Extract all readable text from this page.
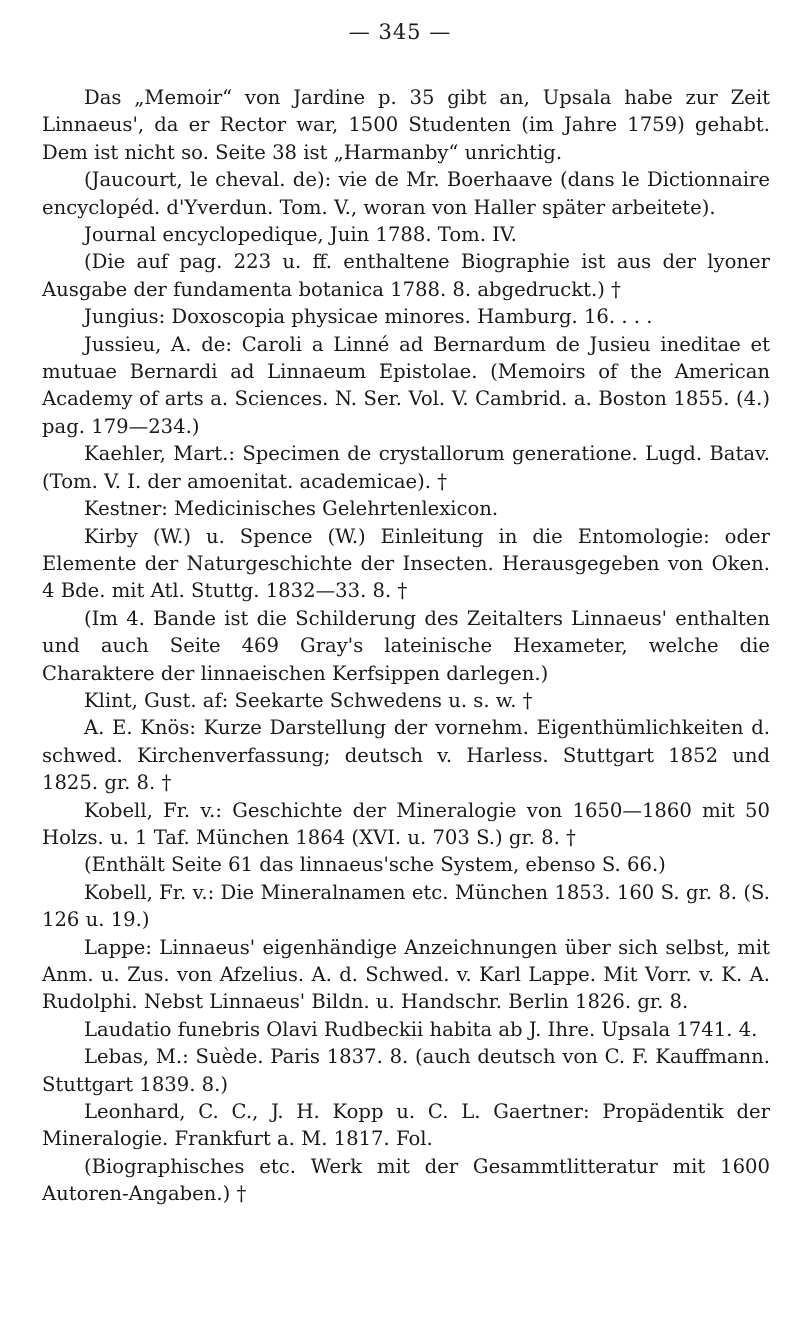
— 345 —

Das „Memoir“ von Jardine p. 35 gibt an, Upsala habe zur Zeit Linnaeus', da er Rector war, 1500 Studenten (im Jahre 1759) gehabt. Dem ist nicht so. Seite 38 ist „Harmanby“ unrichtig.

(Jaucourt, le cheval. de): vie de Mr. Boerhaave (dans le Dictionnaire encyclopéd. d'Yverdun. Tom. V., woran von Haller später arbeitete).

Journal encyclopedique, Juin 1788. Tom. IV.

(Die auf pag. 223 u. ff. enthaltene Biographie ist aus der lyoner Ausgabe der fundamenta botanica 1788. 8. abgedruckt.) †

Jungius: Doxoscopia physicae minores. Hamburg. 16. . . .

Jussieu, A. de: Caroli a Linné ad Bernardum de Jusieu ineditae et mutuae Bernardi ad Linnaeum Epistolae. (Memoirs of the American Academy of arts a. Sciences. N. Ser. Vol. V. Cambrid. a. Boston 1855. (4.) pag. 179—234.)

Kaehler, Mart.: Specimen de crystallorum generatione. Lugd. Batav. (Tom. V. I. der amoenitat. academicae). †

Kestner: Medicinisches Gelehrtenlexicon.

Kirby (W.) u. Spence (W.) Einleitung in die Entomologie: oder Elemente der Naturgeschichte der Insecten. Herausgegeben von Oken. 4 Bde. mit Atl. Stuttg. 1832—33. 8. †

(Im 4. Bande ist die Schilderung des Zeitalters Linnaeus' enthalten und auch Seite 469 Gray's lateinische Hexameter, welche die Charaktere der linnaeischen Kerfsippen darlegen.)

Klint, Gust. af: Seekarte Schwedens u. s. w. †

A. E. Knös: Kurze Darstellung der vornehm. Eigenthümlichkeiten d. schwed. Kirchenverfassung; deutsch v. Harless. Stuttgart 1852 und 1825. gr. 8. †

Kobell, Fr. v.: Geschichte der Mineralogie von 1650—1860 mit 50 Holzs. u. 1 Taf. München 1864 (XVI. u. 703 S.) gr. 8. †

(Enthält Seite 61 das linnaeus'sche System, ebenso S. 66.)

Kobell, Fr. v.: Die Mineralnamen etc. München 1853. 160 S. gr. 8. (S. 126 u. 19.)

Lappe: Linnaeus' eigenhändige Anzeichnungen über sich selbst, mit Anm. u. Zus. von Afzelius. A. d. Schwed. v. Karl Lappe. Mit Vorr. v. K. A. Rudolphi. Nebst Linnaeus' Bildn. u. Handschr. Berlin 1826. gr. 8.

Laudatio funebris Olavi Rudbeckii habita ab J. Ihre. Upsala 1741. 4.

Lebas, M.: Suède. Paris 1837. 8. (auch deutsch von C. F. Kauffmann. Stuttgart 1839. 8.)

Leonhard, C. C., J. H. Kopp u. C. L. Gaertner: Propädentik der Mineralogie. Frankfurt a. M. 1817. Fol.

(Biographisches etc. Werk mit der Gesammtlitteratur mit 1600 Autoren-Angaben.) †
